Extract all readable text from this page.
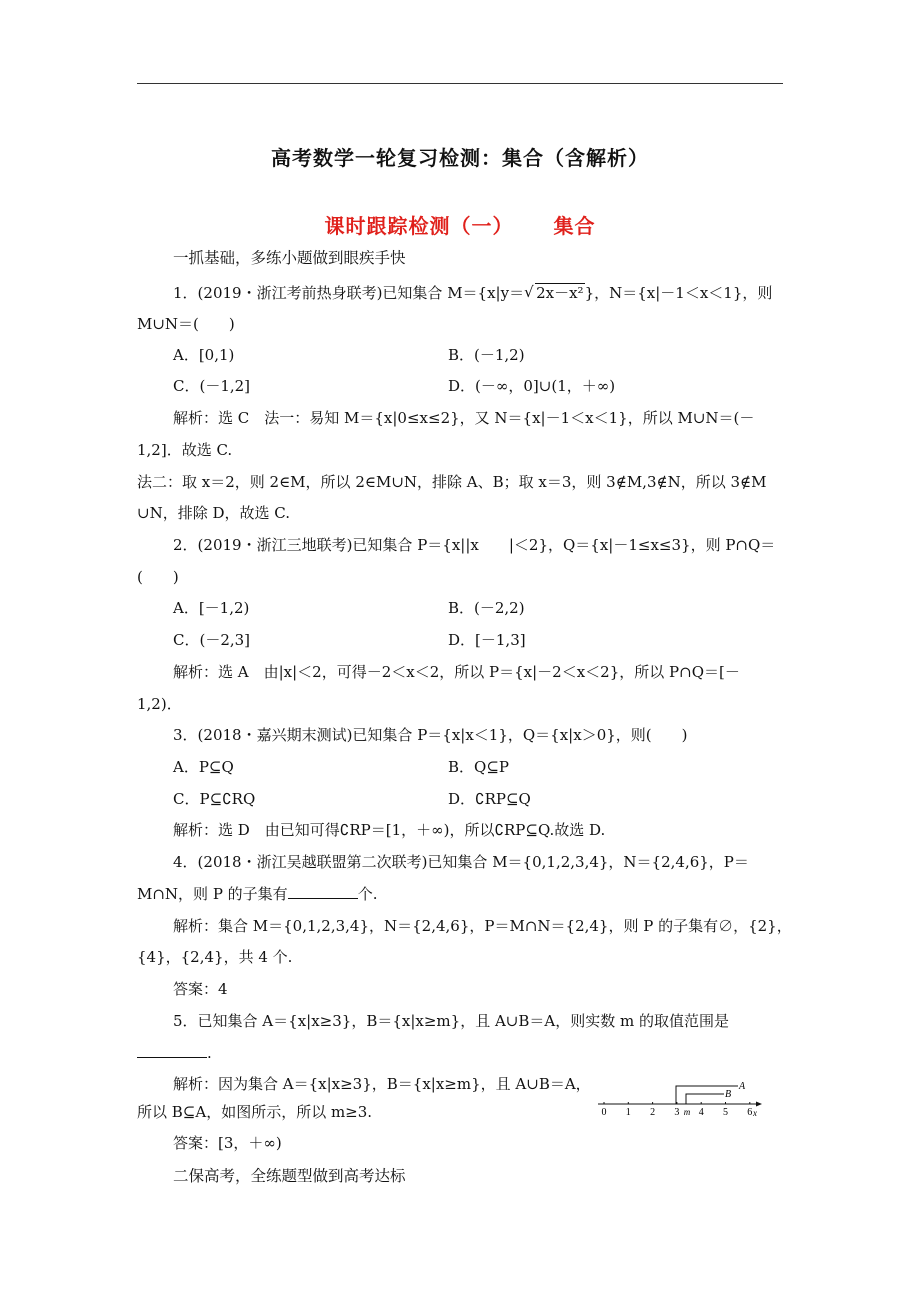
高考数学一轮复习检测：集合（含解析）
课时跟踪检测（一） 集合
一抓基础，多练小题做到眼疾手快
1．(2019・浙江考前热身联考)已知集合 M＝{x|y＝ √ 2x－x²}，N＝{x|－1＜x＜1}，则
M∪N＝(　　)
A．[0,1)	B．(－1,2)
C．(－1,2]	D．(－∞，0]∪(1，＋∞)
解析：选 C　法一：易知 M＝{x|0≤x≤2}，又 N＝{x|－1＜x＜1}，所以 M∪N＝(－
1,2]．故选 C.
法二：取 x＝2，则 2∈M，所以 2∈M∪N，排除 A、B；取 x＝3，则 3∉M,3∉N，所以 3∉M
∪N，排除 D，故选 C.
2．(2019・浙江三地联考)已知集合 P＝{x||x　　|＜2}，Q＝{x|－1≤x≤3}，则 P∩Q＝
(　　)
A．[－1,2)	B．(－2,2)
C．(－2,3]	D．[－1,3]
解析：选 A　由|x|＜2，可得－2＜x＜2，所以 P＝{x|－2＜x＜2}，所以 P∩Q＝[－
1,2)．
3．(2018・嘉兴期末测试)已知集合 P＝{x|x＜1}，Q＝{x|x＞0}，则(　　)
A．P⊆Q	B．Q⊆P
C．P⊆∁RQ	D．∁RP⊆Q
解析：选 D　由已知可得∁RP＝[1，＋∞)，所以∁RP⊆Q.故选 D.
4．(2018・浙江吴越联盟第二次联考)已知集合 M＝{0,1,2,3,4}，N＝{2,4,6}，P＝
M∩N，则 P 的子集有	个.
解析：集合 M＝{0,1,2,3,4}，N＝{2,4,6}，P＝M∩N＝{2,4}，则 P 的子集有∅，{2}，
{4}，{2,4}，共 4 个.
答案：4
5．已知集合 A＝{x|x≥3}，B＝{x|x≥m}，且 A∪B＝A，则实数 m 的取值范围是
.
解析：因为集合 A＝{x|x≥3}，B＝{x|x≥m}，且 A∪B＝A，
所以 B⊆A，如图所示，所以 m≥3.
答案：[3，＋∞)
A
B
m	x
0 1 2 3 4 5 6
二保高考，全练题型做到高考达标
